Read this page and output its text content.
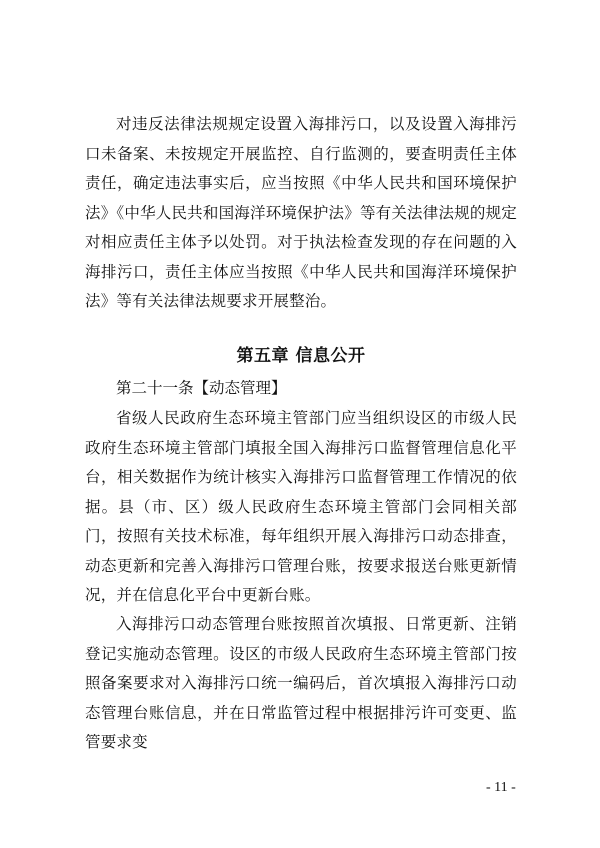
对违反法律法规规定设置入海排污口，以及设置入海排污口未备案、未按规定开展监控、自行监测的，要查明责任主体责任，确定违法事实后，应当按照《中华人民共和国环境保护法》《中华人民共和国海洋环境保护法》等有关法律法规的规定对相应责任主体予以处罚。对于执法检查发现的存在问题的入海排污口，责任主体应当按照《中华人民共和国海洋环境保护法》等有关法律法规要求开展整治。

第五章 信息公开
第二十一条【动态管理】

省级人民政府生态环境主管部门应当组织设区的市级人民政府生态环境主管部门填报全国入海排污口监督管理信息化平台，相关数据作为统计核实入海排污口监督管理工作情况的依据。县（市、区）级人民政府生态环境主管部门会同相关部门，按照有关技术标准，每年组织开展入海排污口动态排查，动态更新和完善入海排污口管理台账，按要求报送台账更新情况，并在信息化平台中更新台账。

入海排污口动态管理台账按照首次填报、日常更新、注销登记实施动态管理。设区的市级人民政府生态环境主管部门按照备案要求对入海排污口统一编码后，首次填报入海排污口动态管理台账信息，并在日常监管过程中根据排污许可变更、监管要求变

- 11 -
